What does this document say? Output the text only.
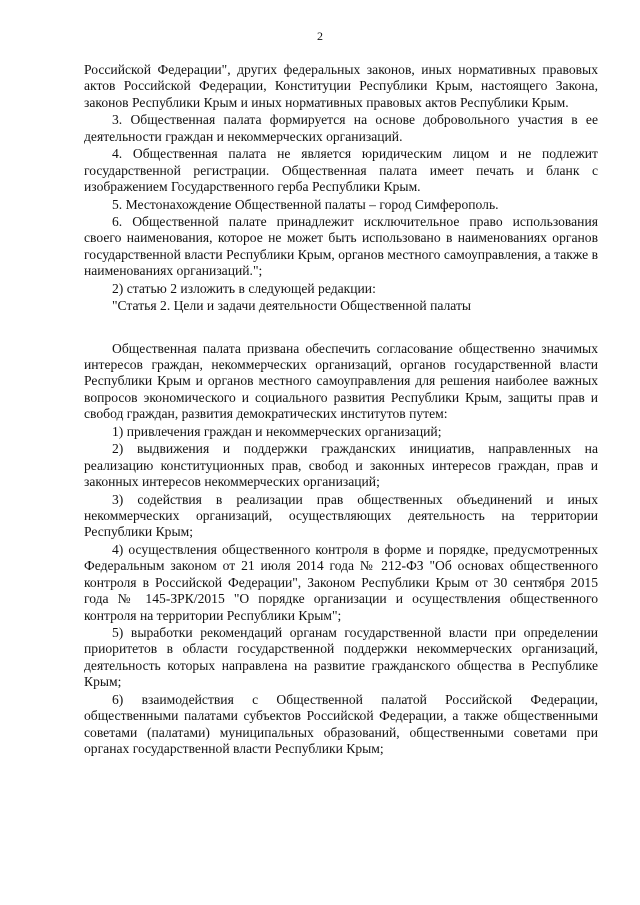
2

Российской Федерации", других федеральных законов, иных нормативных правовых актов Российской Федерации, Конституции Республики Крым, настоящего Закона, законов Республики Крым и иных нормативных правовых актов Республики Крым.

3. Общественная палата формируется на основе добровольного участия в ее деятельности граждан и некоммерческих организаций.

4. Общественная палата не является юридическим лицом и не подлежит государственной регистрации. Общественная палата имеет печать и бланк с изображением Государственного герба Республики Крым.

5. Местонахождение Общественной палаты – город Симферополь.

6. Общественной палате принадлежит исключительное право использования своего наименования, которое не может быть использовано в наименованиях органов государственной власти Республики Крым, органов местного самоуправления, а также в наименованиях организаций.";

2) статью 2 изложить в следующей редакции:

"Статья 2. Цели и задачи деятельности Общественной палаты

Общественная палата призвана обеспечить согласование общественно значимых интересов граждан, некоммерческих организаций, органов государственной власти Республики Крым и органов местного самоуправления для решения наиболее важных вопросов экономического и социального развития Республики Крым, защиты прав и свобод граждан, развития демократических институтов путем:

1) привлечения граждан и некоммерческих организаций;

2) выдвижения и поддержки гражданских инициатив, направленных на реализацию конституционных прав, свобод и законных интересов граждан, прав и законных интересов некоммерческих организаций;

3) содействия в реализации прав общественных объединений и иных некоммерческих организаций, осуществляющих деятельность на территории Республики Крым;

4) осуществления общественного контроля в форме и порядке, предусмотренных Федеральным законом от 21 июля 2014 года № 212-ФЗ "Об основах общественного контроля в Российской Федерации", Законом Республики Крым от 30 сентября 2015 года № 145-ЗРК/2015 "О порядке организации и осуществления общественного контроля на территории Республики Крым";

5) выработки рекомендаций органам государственной власти при определении приоритетов в области государственной поддержки некоммерческих организаций, деятельность которых направлена на развитие гражданского общества в Республике Крым;

6) взаимодействия с Общественной палатой Российской Федерации, общественными палатами субъектов Российской Федерации, а также общественными советами (палатами) муниципальных образований, общественными советами при органах государственной власти Республики Крым;
